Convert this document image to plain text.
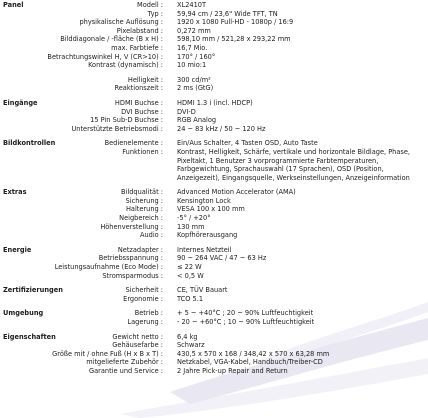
Panel	Modell : XL2410T
Typ : 59,94 cm / 23,6" Wide TFT, TN
physikalische Auflösung : 1920 x 1080 Full-HD - 1080p / 16:9
Pixelabstand : 0,272 mm
Bilddiagonale / -fläche (B x H) : 598,10 mm / 521,28 x 293,22 mm
max. Farbtiefe : 16,7 Mio.
Betrachtungswinkel H, V (CR>10) : 170° / 160°
Kontrast (dynamisch) : 10 mio:1
Helligkeit : 300 cd/m²
Reaktionszeit : 2 ms (GtG)
Eingänge	HDMI Buchse : HDMI 1.3 i (incl. HDCP)
DVI Buchse : DVI-D
15 Pin Sub-D Buchse : RGB Analog
Unterstützte Betriebsmodi : 24 ~ 83 kHz / 50 ~ 120 Hz
Bildkontrollen	Bedienelemente : Ein/Aus Schalter, 4 Tasten OSD, Auto Taste
Funktionen : Kontrast, Helligkeit, Schärfe, vertikale und horizontale Bildlage, Phase,
Pixeltakt, 1 Benutzer 3 vorprogrammierte Farbtemperaturen,
Farbgewichtung, Sprachauswahl (17 Sprachen), OSD (Position,
Anzeigezeit), Eingangsquelle, Werkseinstellungen, Anzeigeinformation
Extras	Bildqualität : Advanced Motion Accelerator (AMA)
Sicherung : Kensington Lock
Halterung : VESA 100 x 100 mm
Neigbereich : -5° / +20°
Höhenverstellung : 130 mm
Audio : Kopfhörerausgang
Energie	Netzadapter : Internes Netzteil
Betriebsspannung : 90 ~ 264 VAC / 47 ~ 63 Hz
Leistungsaufnahme (Eco Mode) : ≤ 22 W
Stromsparmodus : < 0,5 W
Zertifizierungen	Sicherheit : CE, TÜV Bauart
Ergonomie : TCO 5.1
Umgebung	Betrieb : + 5 ~ +40°C ; 20 ~ 90% Luftfeuchtigkeit
Lagerung : - 20 ~ +60°C ; 10 ~ 90% Luftfeuchtigkeit
Eigenschaften	Gewicht netto : 6,4 kg
Gehäusefarbe : Schwarz
Größe mit / ohne Fuß (H x B x T) : 430,5 x 570 x 168 / 348,42 x 570 x 63,28 mm
mitgelieferte Zubehör : Netzkabel, VGA-Kabel, Handbuch/Treiber-CD
Garantie und Service : 2 Jahre Pick-up Repair and Return
